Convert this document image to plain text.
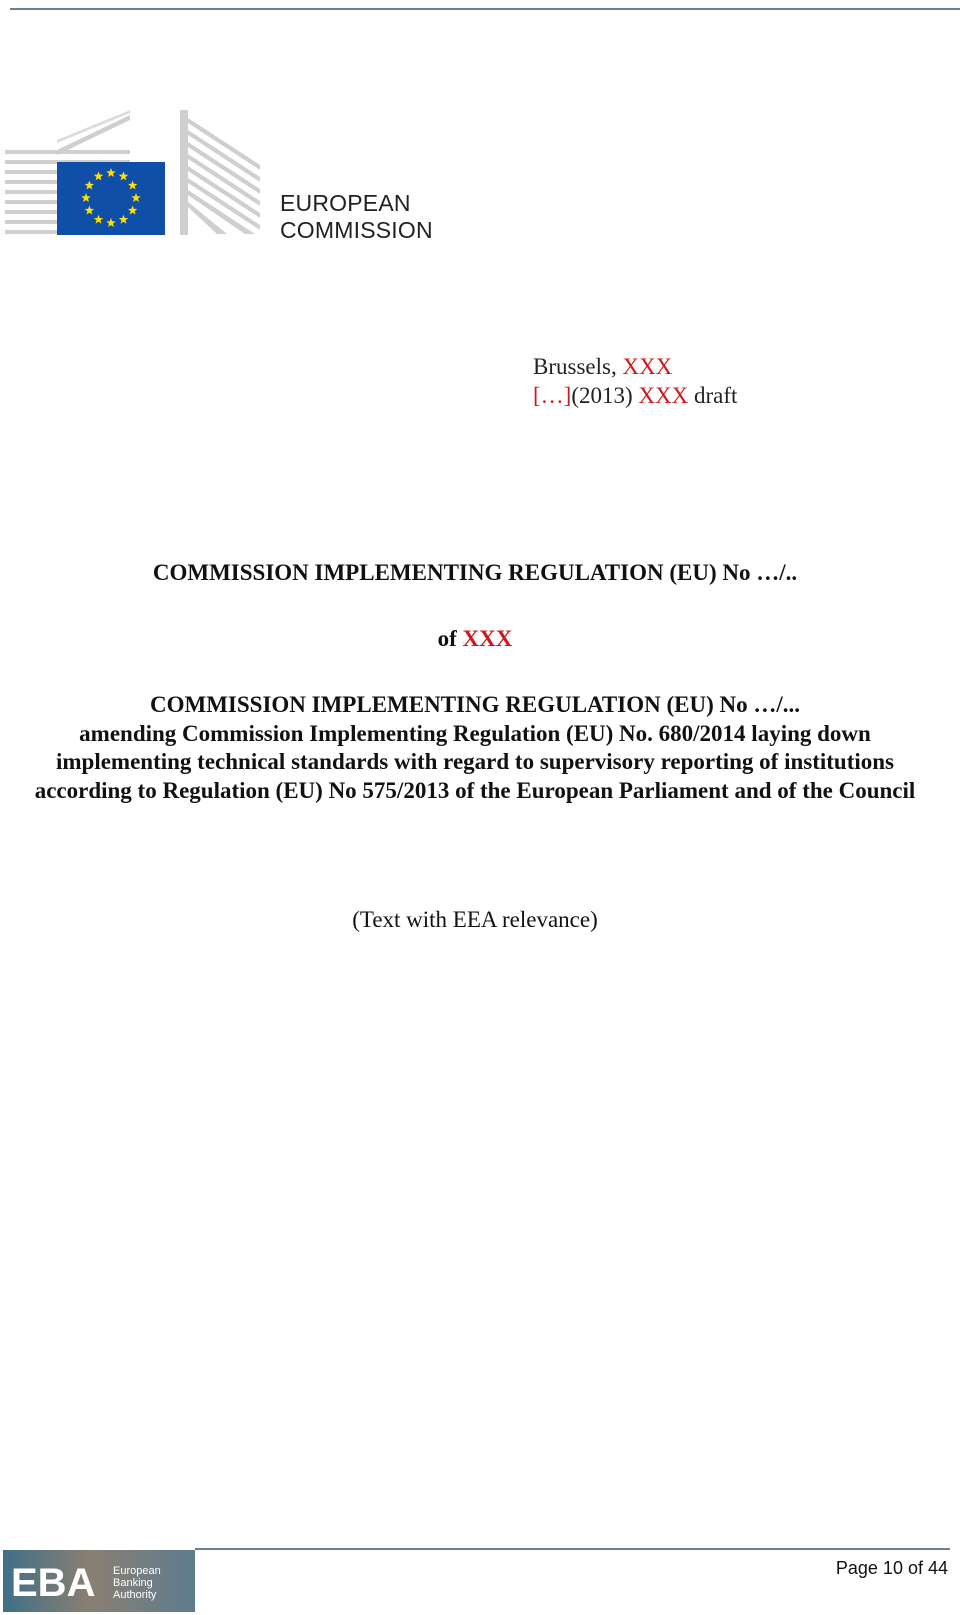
EUROPEAN
COMMISSION
Brussels, XXX
[…](2013) XXX draft
COMMISSION IMPLEMENTING REGULATION (EU) No …/..
of XXX
COMMISSION IMPLEMENTING REGULATION (EU) No …/...
amending Commission Implementing Regulation (EU) No. 680/2014 laying down implementing technical standards with regard to supervisory reporting of institutions according to Regulation (EU) No 575/2013 of the European Parliament and of the Council
(Text with EEA relevance)
EBA European
Banking
Authority
Page 10 of 44
